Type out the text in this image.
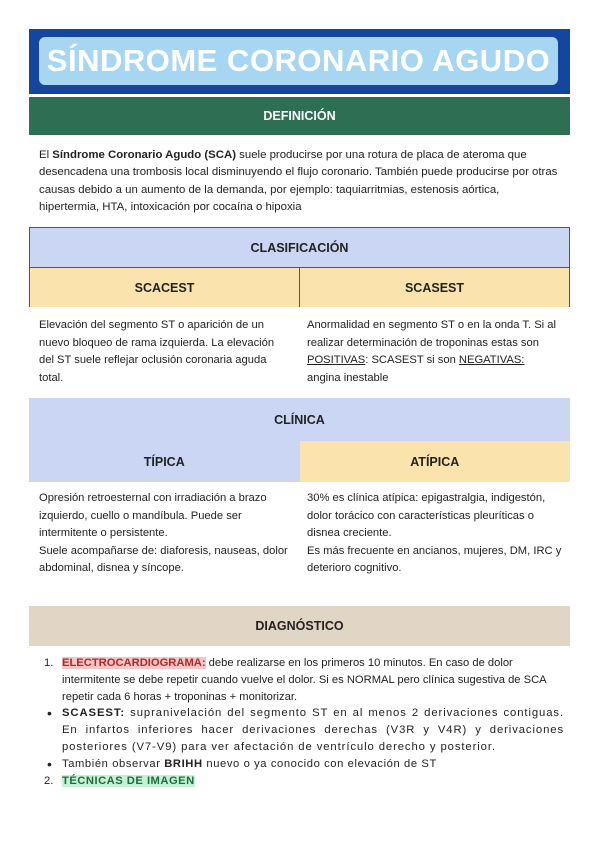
SÍNDROME CORONARIO AGUDO
DEFINICIÓN
El Síndrome Coronario Agudo (SCA) suele producirse por una rotura de placa de ateroma que desencadena una trombosis local disminuyendo el flujo coronario. También puede producirse por otras causas debido a un aumento de la demanda, por ejemplo: taquiarritmias, estenosis aórtica, hipertermia, HTA, intoxicación por cocaína o hipoxia
CLASIFICACIÓN
SCACEST	SCASEST
Elevación del segmento ST o aparición de un nuevo bloqueo de rama izquierda. La elevación del ST suele reflejar oclusión coronaria aguda total.
Anormalidad en segmento ST o en la onda T. Si al realizar determinación de troponinas estas son POSITIVAS: SCASEST si son NEGATIVAS: angina inestable
CLÍNICA
TÍPICA	ATÍPICA
Opresión retroesternal con irradiación a brazo izquierdo, cuello o mandíbula. Puede ser intermitente o persistente.
Suele acompañarse de: diaforesis, nauseas, dolor abdominal, disnea y síncope.
30% es clínica atípica: epigastralgia, indigestón, dolor torácico con características pleuríticas o disnea creciente.
Es más frecuente en ancianos, mujeres, DM, IRC y deterioro cognitivo.
DIAGNÓSTICO
1. ELECTROCARDIOGRAMA: debe realizarse en los primeros 10 minutos. En caso de dolor intermitente se debe repetir cuando vuelve el dolor. Si es NORMAL pero clínica sugestiva de SCA repetir cada 6 horas + troponinas + monitorizar.
• SCASEST: supranivelación del segmento ST en al menos 2 derivaciones contiguas. En infartos inferiores hacer derivaciones derechas (V3R y V4R) y derivaciones posteriores (V7-V9) para ver afectación de ventrículo derecho y posterior.
• También observar BRIHH nuevo o ya conocido con elevación de ST
2. TÉCNICAS DE IMAGEN
